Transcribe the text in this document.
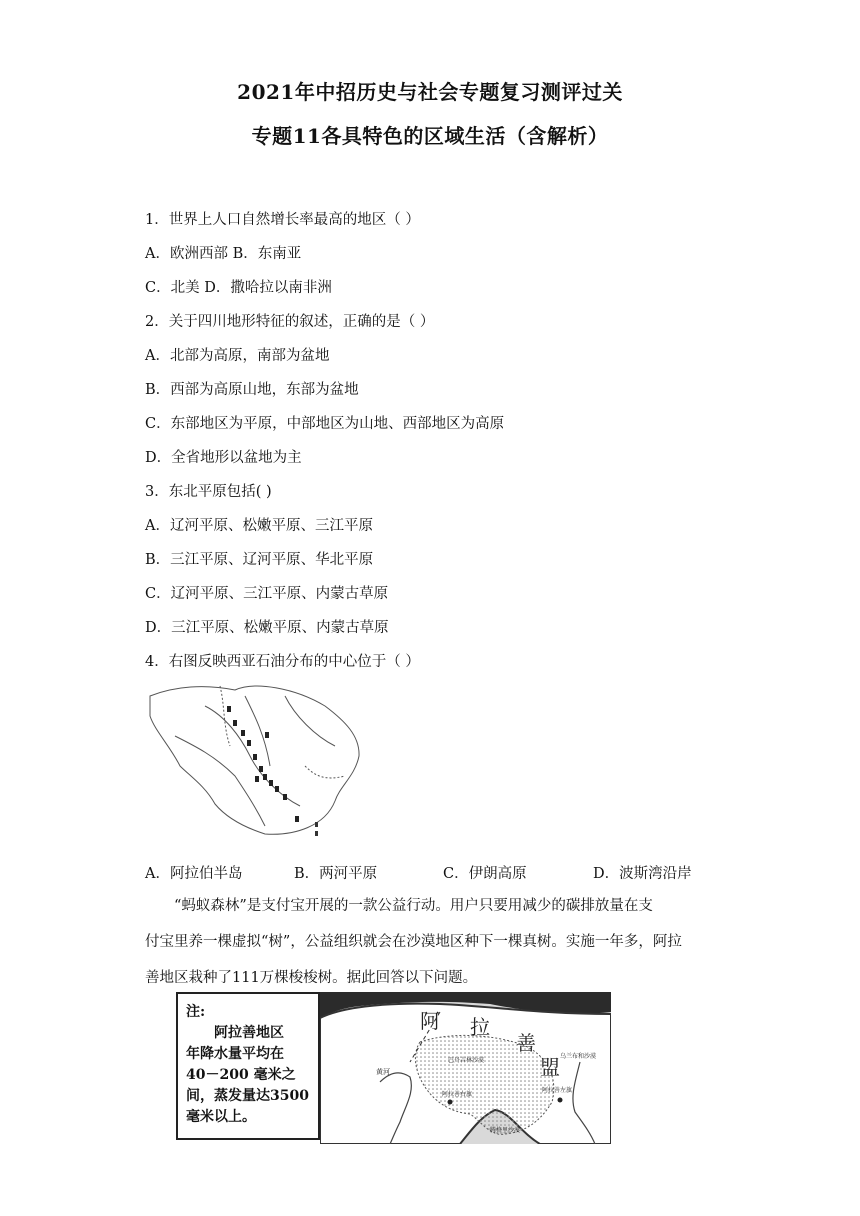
2021年中招历史与社会专题复习测评过关
专题11各具特色的区域生活（含解析）
1．世界上人口自然增长率最高的地区（ ）
A．欧洲西部 B．东南亚
C．北美 D．撒哈拉以南非洲
2．关于四川地形特征的叙述，正确的是（ ）
A．北部为高原，南部为盆地
B．西部为高原山地，东部为盆地
C．东部地区为平原，中部地区为山地、西部地区为高原
D．全省地形以盆地为主
3．东北平原包括( )
A．辽河平原、松嫩平原、三江平原
B．三江平原、辽河平原、华北平原
C．辽河平原、三江平原、内蒙古草原
D．三江平原、松嫩平原、内蒙古草原
4．右图反映西亚石油分布的中心位于（ ）
A．阿拉伯半岛	B．两河平原	C．伊朗高原	D．波斯湾沿岸
“蚂蚁森林”是支付宝开展的一款公益行动。用户只要用减少的碳排放量在支
付宝里养一棵虚拟“树”，公益组织就会在沙漠地区种下一棵真树。实施一年多，阿拉
善地区栽种了111万棵梭梭树。据此回答以下问题。
注:
阿拉善地区
年降水量平均在
40－200 毫米之
间，蒸发量达3500
毫米以上。
阿 拉
善
盟
阿拉善右旗
阿拉善左旗
巴丹吉林沙漠
腾格里沙漠
乌兰布和沙漠
黄河
